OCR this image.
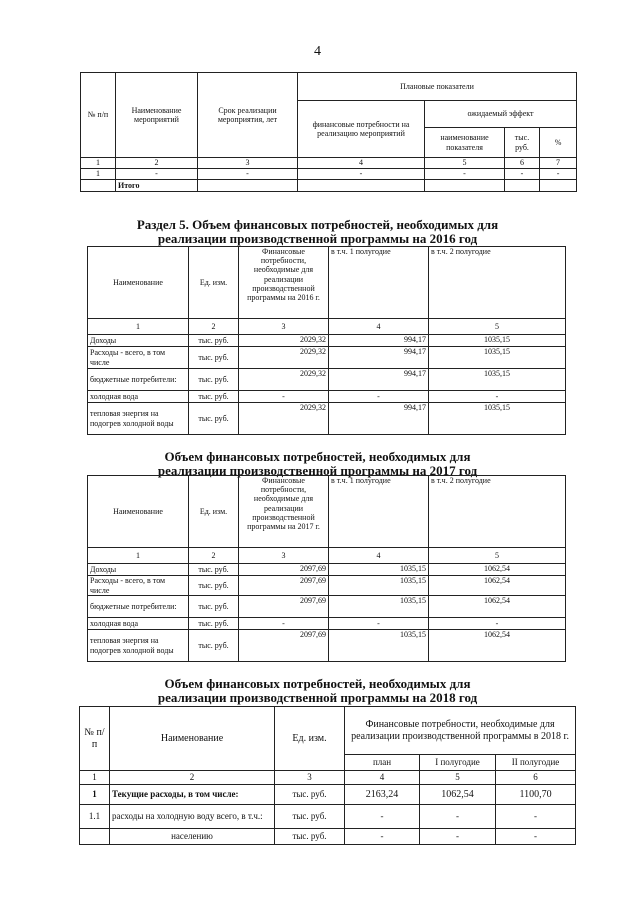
4
№ п/п	Наименование мероприятий	Срок реализации мероприятия, лет	Плановые показатели			
			финансовые потребности на реализацию мероприятий	ожидаемый эффект		
				наименование показателя	тыс. руб.	%
1	2	3	4	5	6	7
1	-	-	-	-	-	-
	Итого					
Раздел 5. Объем финансовых потребностей, необходимых для
реализации производственной программы на 2016 год
Наименование	Ед. изм.	Финансовые потребности, необходимые для реализации производственной программы на 2016 г.	в т.ч. 1 полугодие	в т.ч. 2 полугодие
1	2	3	4	5
Доходы	тыс. руб.	2029,32	994,17	1035,15
Расходы - всего, в том числе	тыс. руб.	2029,32	994,17	1035,15
бюджетные потребители:	тыс. руб.	2029,32	994,17	1035,15
холодная вода	тыс. руб.	-	-	-
тепловая энергия на подогрев холодной воды	тыс. руб.	2029,32	994,17	1035,15
Объем финансовых потребностей, необходимых для
реализации производственной программы на 2017 год
Наименование	Ед. изм.	Финансовые потребности, необходимые для реализации производственной программы на 2017 г.	в т.ч. 1 полугодие	в т.ч. 2 полугодие
1	2	3	4	5
Доходы	тыс. руб.	2097,69	1035,15	1062,54
Расходы - всего, в том числе	тыс. руб.	2097,69	1035,15	1062,54
бюджетные потребители:	тыс. руб.	2097,69	1035,15	1062,54
холодная вода	тыс. руб.	-	-	-
тепловая энергия на подогрев холодной воды	тыс. руб.	2097,69	1035,15	1062,54
Объем финансовых потребностей, необходимых для
реализации производственной программы на 2018 год
№ п/п	Наименование	Ед. изм.	Финансовые потребности, необходимые для реализации производственной программы в 2018 г.		
			план	I полугодие	II полугодие
1	2	3	4	5	6
1	Текущие расходы, в том числе:	тыс. руб.	2163,24	1062,54	1100,70
1.1	расходы на холодную воду всего, в т.ч.:	тыс. руб.	-	-	-
	населению	тыс. руб.	-	-	-
